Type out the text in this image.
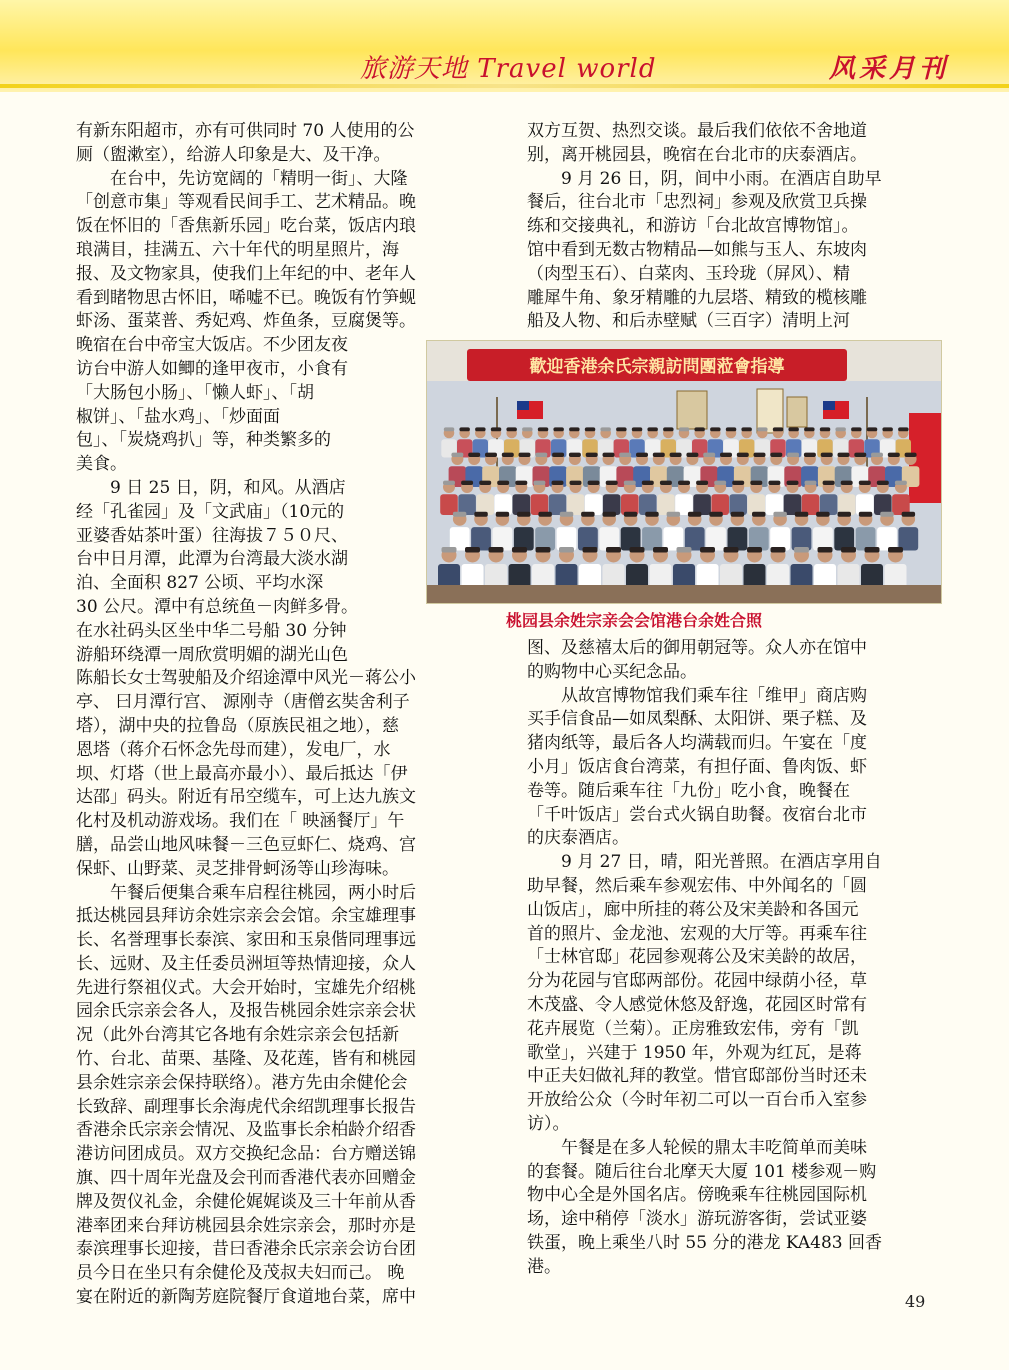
旅游天地 Travel world	风采月刊

有新东阳超市，亦有可供同时 70 人使用的公

厕（盥漱室），给游人印象是大、及干净。

　　在台中，先访宽阔的「精明一街」、大隆

「创意市集」等观看民间手工、艺术精品。晚

饭在怀旧的「香焦新乐园」吃台菜，饭店内琅

琅满目，挂满五、六十年代的明星照片，海

报、及文物家具，使我们上年纪的中、老年人

看到睹物思古怀旧，唏嘘不已。晚饭有竹笋蚬

虾汤、蛋菜普、秀妃鸡、炸鱼条，豆腐煲等。

晚宿在台中帝宝大饭店。不少团友夜

访台中游人如鲫的逢甲夜市，小食有

「大肠包小肠」、「懒人虾」、「胡

椒饼」、「盐水鸡」、「炒面面

包」、「炭烧鸡扒」等，种类繁多的

美食。

　　9 日 25 日，阴，和风。从酒店

经「孔雀园」及「文武庙」（10元的

亚婆香姑茶叶蛋）往海拔７５０尺、

台中日月潭，此潭为台湾最大淡水湖

泊、全面积 827 公顷、平均水深

30 公尺。潭中有总统鱼－肉鲜多骨。

在水社码头区坐中华二号船 30 分钟

游船环绕潭一周欣赏明媚的湖光山色

陈船长女士驾驶船及介绍途潭中风光－蒋公小

亭、 曰月潭行宫、 源刚寺（唐僧玄奘舍利子

塔），湖中央的拉鲁岛（原族民祖之地），慈

恩塔（蒋介石怀念先母而建），发电厂，水

坝、灯塔（世上最高亦最小）、最后抵达「伊

达邵」码头。附近有吊空缆车，可上达九族文

化村及机动游戏场。我们在「 映涵餐厅」午

膳，品尝山地风味餐－三色豆虾仁、烧鸡、宫

保虾、山野菜、灵芝排骨蚵汤等山珍海味。

　　午餐后便集合乘车启程往桃园，两小时后

抵达桃园县拜访余姓宗亲会会馆。余宝雄理事

长、名誉理事长泰滨、家田和玉泉偕同理事远

长、远财、及主任委员洲垣等热情迎接，众人

先进行祭祖仪式。大会开始时，宝雄先介绍桃

园余氏宗亲会各人，及报告桃园余姓宗亲会状

况（此外台湾其它各地有余姓宗亲会包括新

竹、台北、苗栗、基隆、及花莲，皆有和桃园

县余姓宗亲会保持联络）。港方先由余健伦会

长致辞、副理事长余海虎代余绍凯理事长报告

香港余氏宗亲会情况、及监事长余柏龄介绍香

港访问团成员。双方交换纪念品：台方赠送锦

旗、四十周年光盘及会刊而香港代表亦回赠金

牌及贺仪礼金，余健伦娓娓谈及三十年前从香

港率团来台拜访桃园县余姓宗亲会，那时亦是

泰滨理事长迎接，昔曰香港余氏宗亲会访台团

员今日在坐只有余健伦及茂叔夫妇而己。 晚

宴在附近的新陶芳庭院餐厅食道地台菜，席中

双方互贺、热烈交谈。最后我们依依不舍地道

别，离开桃园县，晚宿在台北市的庆泰酒店。

　　9 月 26 日，阴，间中小雨。在酒店自助早

餐后，往台北市「忠烈祠」参观及欣赏卫兵操

练和交接典礼，和游访「台北故宫博物馆」。

馆中看到无数古物精品—如熊与玉人、东坡肉

（肉型玉石）、白菜肉、玉玲珑（屏风）、精

雕犀牛角、象牙精雕的九层塔、精致的榄核雕

船及人物、和后赤壁赋（三百字）清明上河

歡迎香港余氏宗親訪問團蒞會指導
桃园县余姓宗亲会会馆港台余姓合照

图、及慈禧太后的御用朝冠等。众人亦在馆中

的购物中心买纪念品。

　　从故宫博物馆我们乘车往「维甲」商店购

买手信食品—如凤梨酥、太阳饼、栗子糕、及

猪肉纸等，最后各人均满载而归。午宴在「度

小月」饭店食台湾菜，有担仔面、鲁肉饭、虾

卷等。随后乘车往「九份」吃小食，晚餐在

「千叶饭店」尝台式火锅自助餐。夜宿台北市

的庆泰酒店。

　　9 月 27 日，晴，阳光普照。在酒店享用自

助早餐，然后乘车参观宏伟、中外闻名的「圆

山饭店」，廊中所挂的蒋公及宋美龄和各国元

首的照片、金龙池、宏观的大厅等。再乘车往

「士林官邸」花园参观蒋公及宋美龄的故居，

分为花园与官邸两部份。花园中绿荫小径，草

木茂盛、令人感觉休悠及舒逸，花园区时常有

花卉展览（兰菊）。正房雅致宏伟，旁有「凯

歌堂」，兴建于 1950 年，外观为红瓦，是蒋

中正夫妇做礼拜的教堂。惜官邸部份当时还未

开放给公众（今时年初二可以一百台币入室参

访）。

　　午餐是在多人轮候的鼎太丰吃简单而美味

的套餐。随后往台北摩天大厦 101 楼参观－购

物中心全是外国名店。傍晚乘车往桃园国际机

场，途中稍停「淡水」游玩游客街，尝试亚婆

铁蛋，晚上乘坐八时 55 分的港龙 KA483 回香

港。

49
